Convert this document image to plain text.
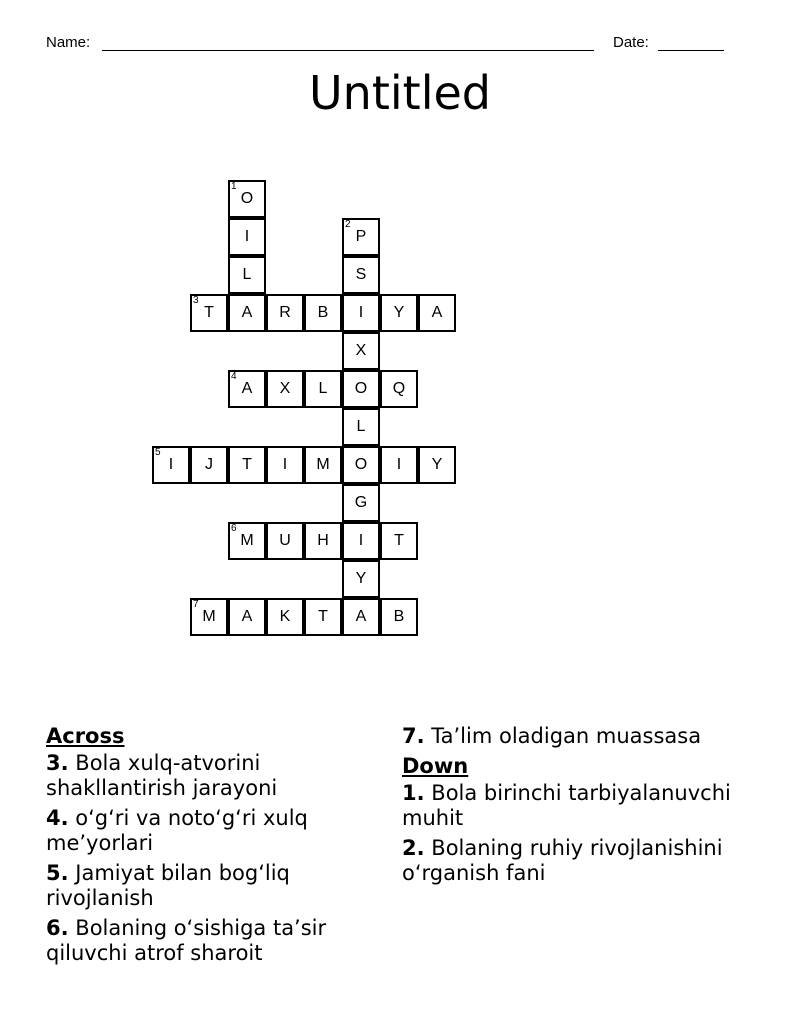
Name:	Date:
Untitled
1
O
I
L
A
2
P
S
3
T	R	B	I	Y	A
X
4
A	X	L	O	Q
L
5
I	J	T	I	M	O	I	Y
G
6
M	U	H	I	T
Y
7
M	A	K	T	A	B
Across
3. Bola xulq-atvorini shakllantirish jarayoni
4. o‘g‘ri va noto‘g‘ri xulq me’yorlari
5. Jamiyat bilan bog‘liq rivojlanish
6. Bolaning o‘sishiga ta’sir qiluvchi atrof sharoit
7. Ta’lim oladigan muassasa
Down
1. Bola birinchi tarbiyalanuvchi muhit
2. Bolaning ruhiy rivojlanishini o‘rganish fani
